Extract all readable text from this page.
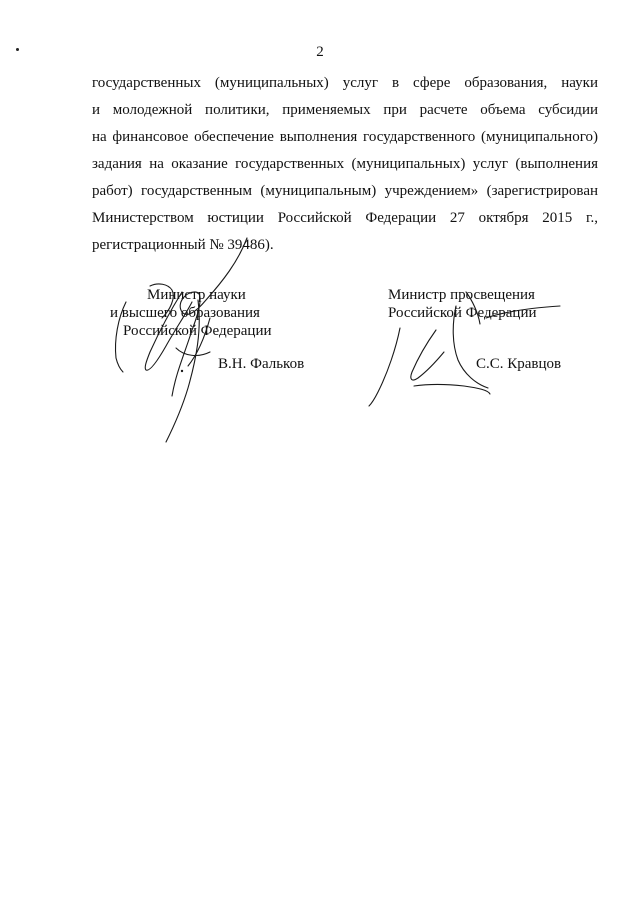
2
государственных (муниципальных) услуг в сфере образования, науки
и молодежной политики, применяемых при расчете объема субсидии
на финансовое обеспечение выполнения государственного (муниципального)
задания на оказание государственных (муниципальных) услуг (выполнения
работ) государственным (муниципальным) учреждением» (зарегистрирован
Министерством юстиции Российской Федерации 27 октября 2015 г.,
регистрационный № 39486).
Министр науки
и высшего образования
Российской Федерации
В.Н. Фальков
Министр просвещения
Российской Федерации
С.С. Кравцов
